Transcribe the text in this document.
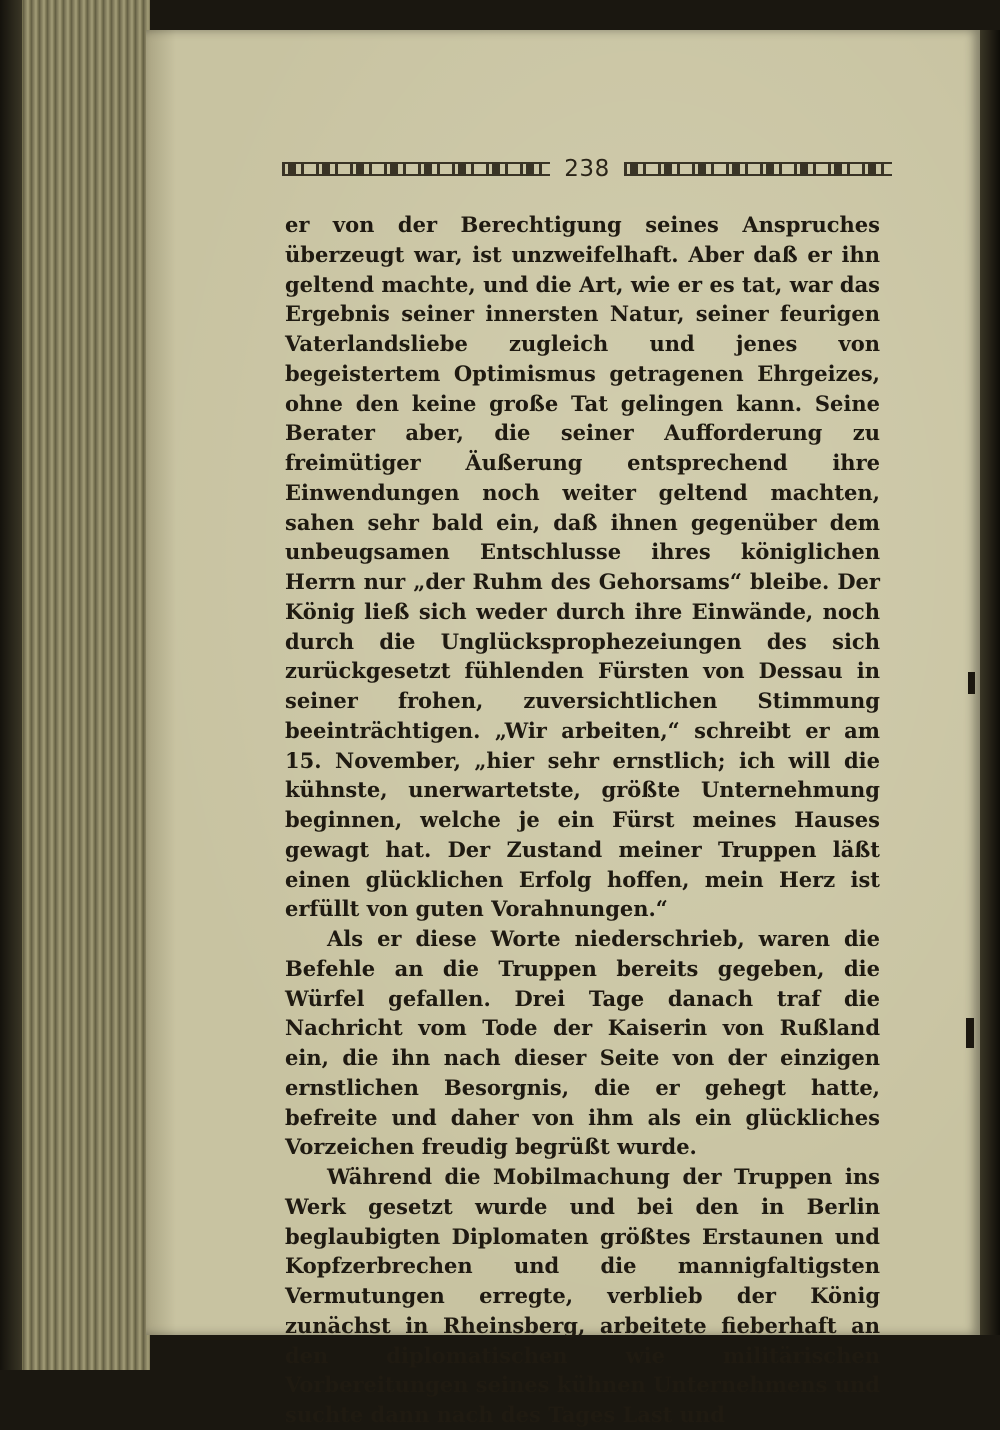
238

er von der Berechtigung seines Anspruches überzeugt war, ist unzweifelhaft. Aber daß er ihn geltend machte, und die Art, wie er es tat, war das Ergebnis seiner innersten Natur, seiner feurigen Vaterlandsliebe zugleich und jenes von begeistertem Optimismus getragenen Ehrgeizes, ohne den keine große Tat gelingen kann. Seine Berater aber, die seiner Aufforderung zu freimütiger Äußerung entsprechend ihre Einwendungen noch weiter geltend machten, sahen sehr bald ein, daß ihnen gegenüber dem unbeugsamen Entschlusse ihres königlichen Herrn nur „der Ruhm des Gehorsams“ bleibe. Der König ließ sich weder durch ihre Einwände, noch durch die Unglücksprophezeiungen des sich zurückgesetzt fühlenden Fürsten von Dessau in seiner frohen, zuversichtlichen Stimmung beeinträchtigen. „Wir arbeiten,“ schreibt er am 15. November, „hier sehr ernstlich; ich will die kühnste, unerwartetste, größte Unternehmung beginnen, welche je ein Fürst meines Hauses gewagt hat. Der Zustand meiner Truppen läßt einen glücklichen Erfolg hoffen, mein Herz ist erfüllt von guten Vorahnungen.“

Als er diese Worte niederschrieb, waren die Befehle an die Truppen bereits gegeben, die Würfel gefallen. Drei Tage danach traf die Nachricht vom Tode der Kaiserin von Rußland ein, die ihn nach dieser Seite von der einzigen ernstlichen Besorgnis, die er gehegt hatte, befreite und daher von ihm als ein glückliches Vorzeichen freudig begrüßt wurde.

Während die Mobilmachung der Truppen ins Werk gesetzt wurde und bei den in Berlin beglaubigten Diplomaten größtes Erstaunen und Kopfzerbrechen und die mannigfaltigsten Vermutungen erregte, verblieb der König zunächst in Rheinsberg, arbeitete fieberhaft an den diplomatischen wie militärischen Vorbereitungen seines kühnen Unternehmens und suchte dann nach des Tages Last und
